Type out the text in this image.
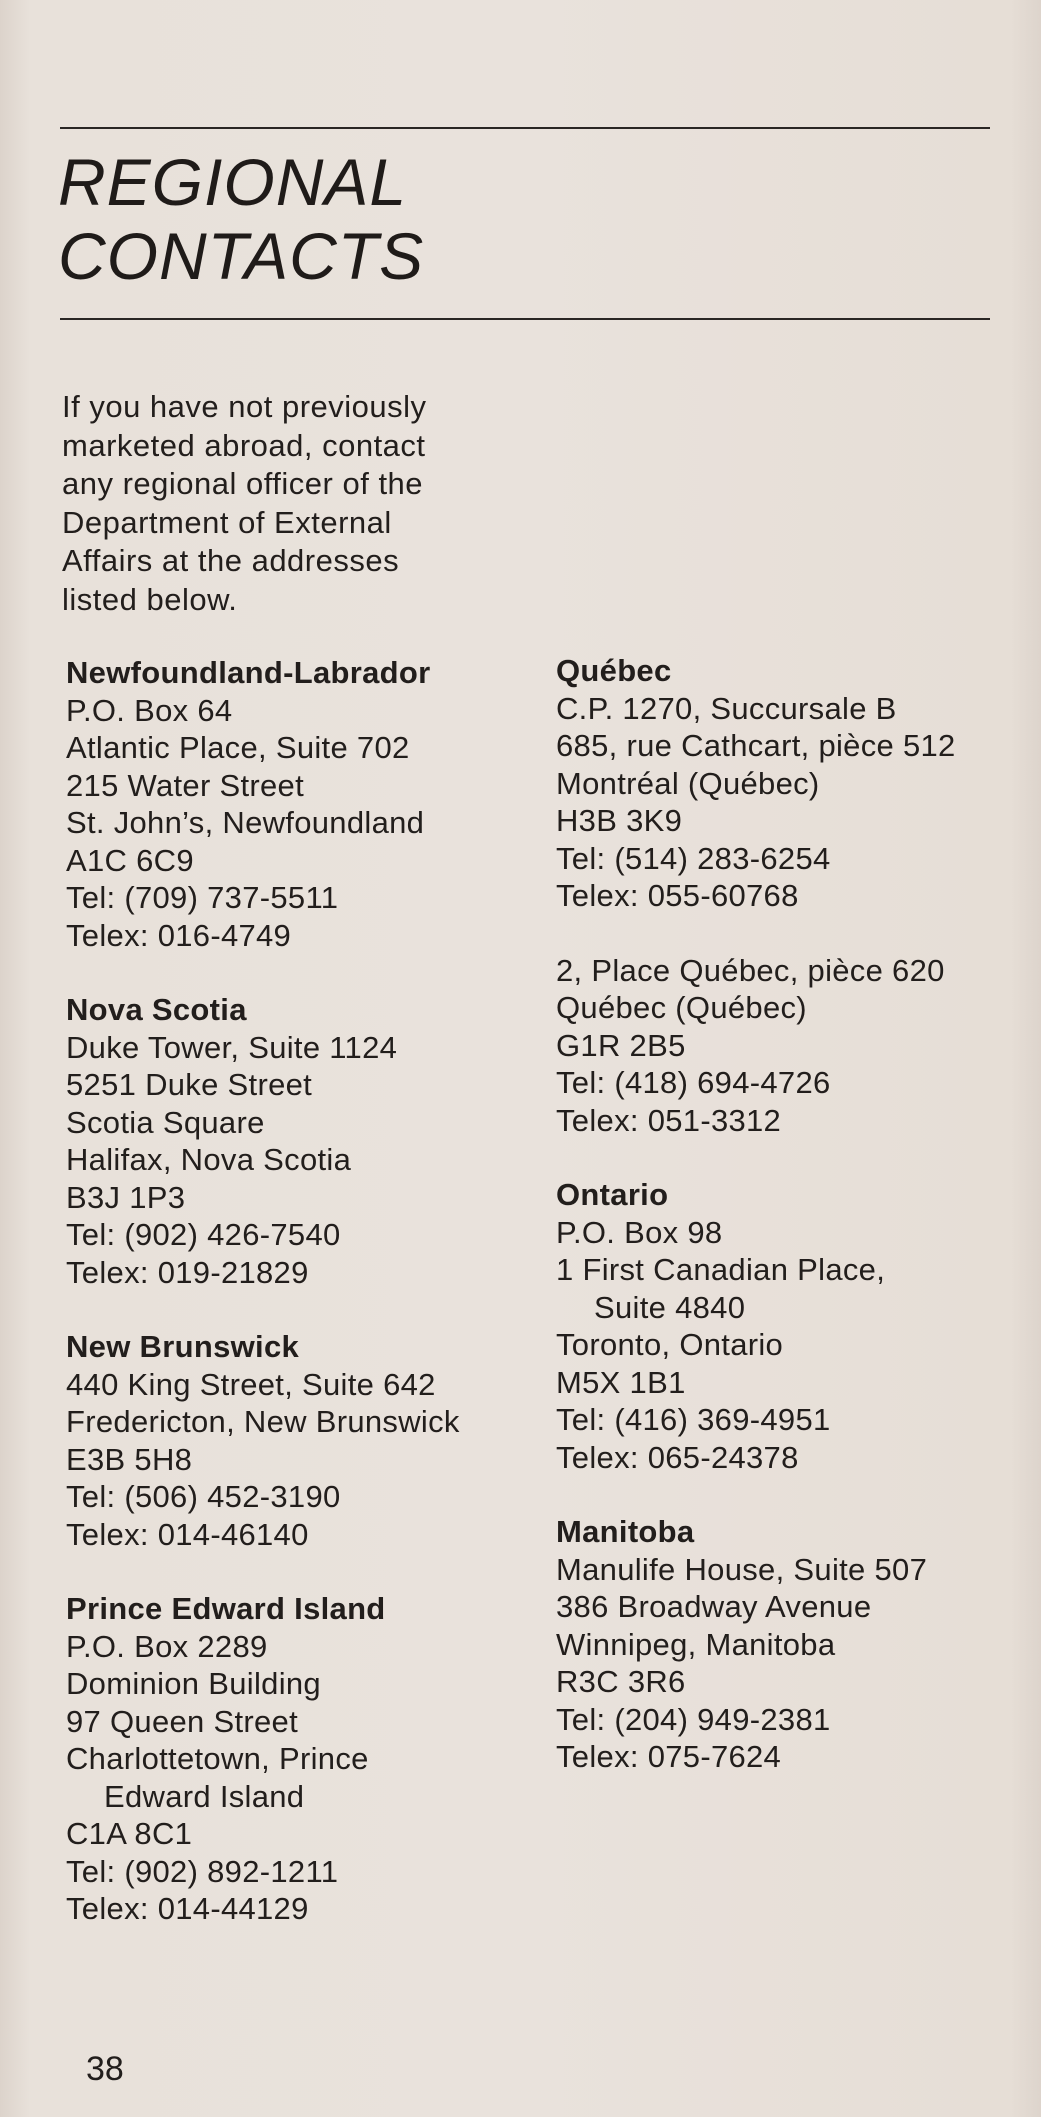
REGIONAL
CONTACTS
If you have not previously
marketed abroad, contact
any regional officer of the
Department of External
Affairs at the addresses
listed below.
Newfoundland-Labrador
P.O. Box 64
Atlantic Place, Suite 702
215 Water Street
St. John’s, Newfoundland
A1C 6C9
Tel: (709) 737-5511
Telex: 016-4749
Nova Scotia
Duke Tower, Suite 1124
5251 Duke Street
Scotia Square
Halifax, Nova Scotia
B3J 1P3
Tel: (902) 426-7540
Telex: 019-21829
New Brunswick
440 King Street, Suite 642
Fredericton, New Brunswick
E3B 5H8
Tel: (506) 452-3190
Telex: 014-46140
Prince Edward Island
P.O. Box 2289
Dominion Building
97 Queen Street
Charlottetown, Prince
Edward Island
C1A 8C1
Tel: (902) 892-1211
Telex: 014-44129
Québec
C.P. 1270, Succursale B
685, rue Cathcart, pièce 512
Montréal (Québec)
H3B 3K9
Tel: (514) 283-6254
Telex: 055-60768
2, Place Québec, pièce 620
Québec (Québec)
G1R 2B5
Tel: (418) 694-4726
Telex: 051-3312
Ontario
P.O. Box 98
1 First Canadian Place,
Suite 4840
Toronto, Ontario
M5X 1B1
Tel: (416) 369-4951
Telex: 065-24378
Manitoba
Manulife House, Suite 507
386 Broadway Avenue
Winnipeg, Manitoba
R3C 3R6
Tel: (204) 949-2381
Telex: 075-7624
38
